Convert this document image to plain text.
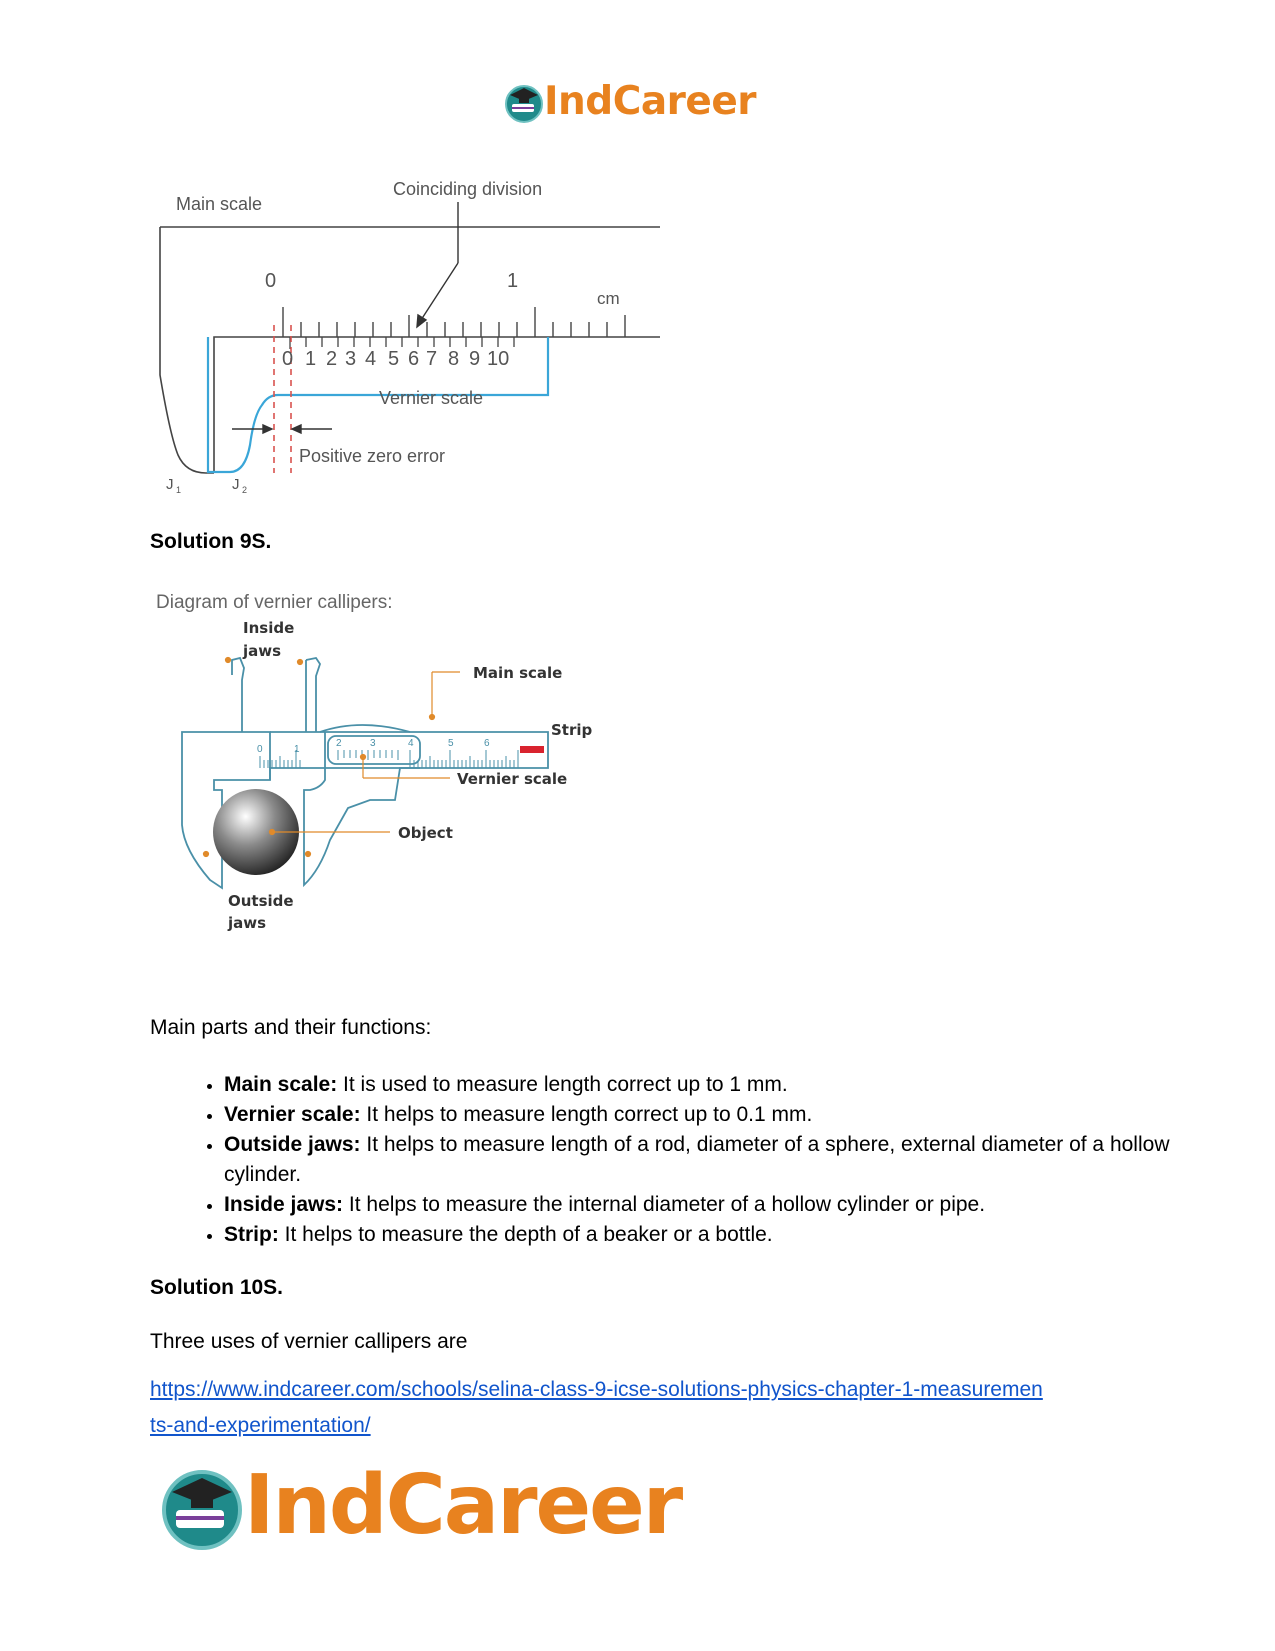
IndCareer
Main scale
Coinciding division
0	1
cm
0 1 2 3 4 5 6 7 8 9 10
Vernier scale
J 1	J 2
Positive zero error
Solution 9S.
Diagram of vernier callipers:
0	1
4	5	6
2	3
Inside
jaws
Main scale
Strip
Vernier scale
Object
Outside
jaws
Main parts and their functions:
• Main scale: It is used to measure length correct up to 1 mm.
• Vernier scale: It helps to measure length correct up to 0.1 mm.
• Outside jaws: It helps to measure length of a rod, diameter of a sphere, external diameter of a hollow cylinder.
• Inside jaws: It helps to measure the internal diameter of a hollow cylinder or pipe.
• Strip: It helps to measure the depth of a beaker or a bottle.
Solution 10S.
Three uses of vernier callipers are
https://www.indcareer.com/schools/selina-class-9-icse-solutions-physics-chapter-1-measuremen
ts-and-experimentation/
IndCareer
